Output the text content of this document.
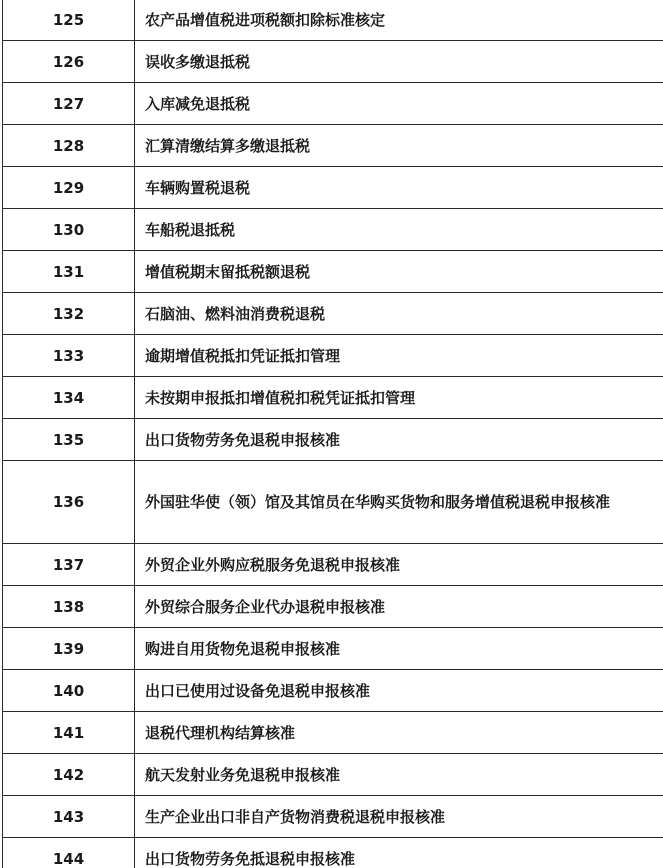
125	农产品增值税进项税额扣除标准核定
126	误收多缴退抵税
127	入库减免退抵税
128	汇算清缴结算多缴退抵税
129	车辆购置税退税
130	车船税退抵税
131	增值税期末留抵税额退税
132	石脑油、燃料油消费税退税
133	逾期增值税抵扣凭证抵扣管理
134	未按期申报抵扣增值税扣税凭证抵扣管理
135	出口货物劳务免退税申报核准
136	外国驻华使（领）馆及其馆员在华购买货物和服务增值税退税申报核准
137	外贸企业外购应税服务免退税申报核准
138	外贸综合服务企业代办退税申报核准
139	购进自用货物免退税申报核准
140	出口已使用过设备免退税申报核准
141	退税代理机构结算核准
142	航天发射业务免退税申报核准
143	生产企业出口非自产货物消费税退税申报核准
144	出口货物劳务免抵退税申报核准
